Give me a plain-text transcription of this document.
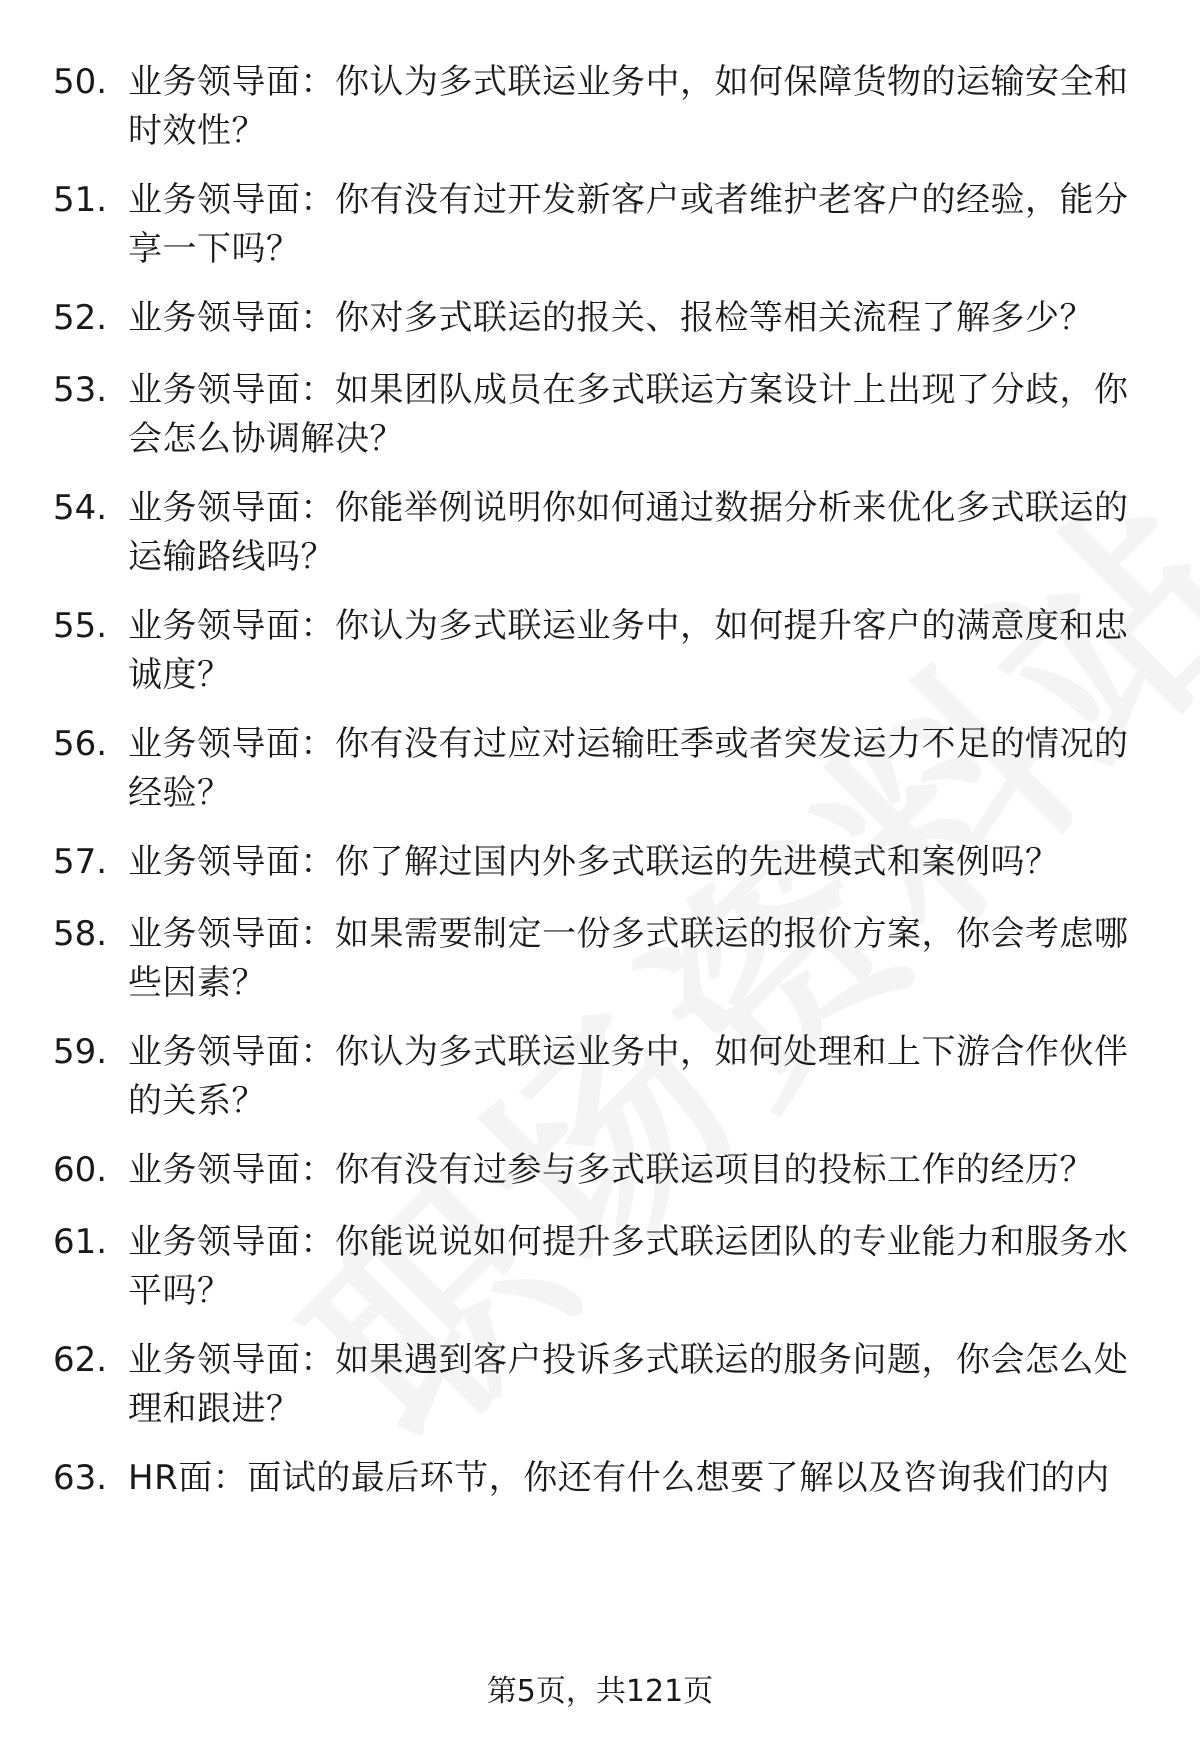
50. 业务领导面：你认为多式联运业务中，如何保障货物的运输安全和时效性？
51. 业务领导面：你有没有过开发新客户或者维护老客户的经验，能分享一下吗？
52. 业务领导面：你对多式联运的报关、报检等相关流程了解多少？
53. 业务领导面：如果团队成员在多式联运方案设计上出现了分歧，你会怎么协调解决？
54. 业务领导面：你能举例说明你如何通过数据分析来优化多式联运的运输路线吗？
55. 业务领导面：你认为多式联运业务中，如何提升客户的满意度和忠诚度？
56. 业务领导面：你有没有过应对运输旺季或者突发运力不足的情况的经验？
57. 业务领导面：你了解过国内外多式联运的先进模式和案例吗？
58. 业务领导面：如果需要制定一份多式联运的报价方案，你会考虑哪些因素？
59. 业务领导面：你认为多式联运业务中，如何处理和上下游合作伙伴的关系？
60. 业务领导面：你有没有过参与多式联运项目的投标工作的经历？
61. 业务领导面：你能说说如何提升多式联运团队的专业能力和服务水平吗？
62. 业务领导面：如果遇到客户投诉多式联运的服务问题，你会怎么处理和跟进？
63. HR面：面试的最后环节，你还有什么想要了解以及咨询我们的内
第5页，共121页
